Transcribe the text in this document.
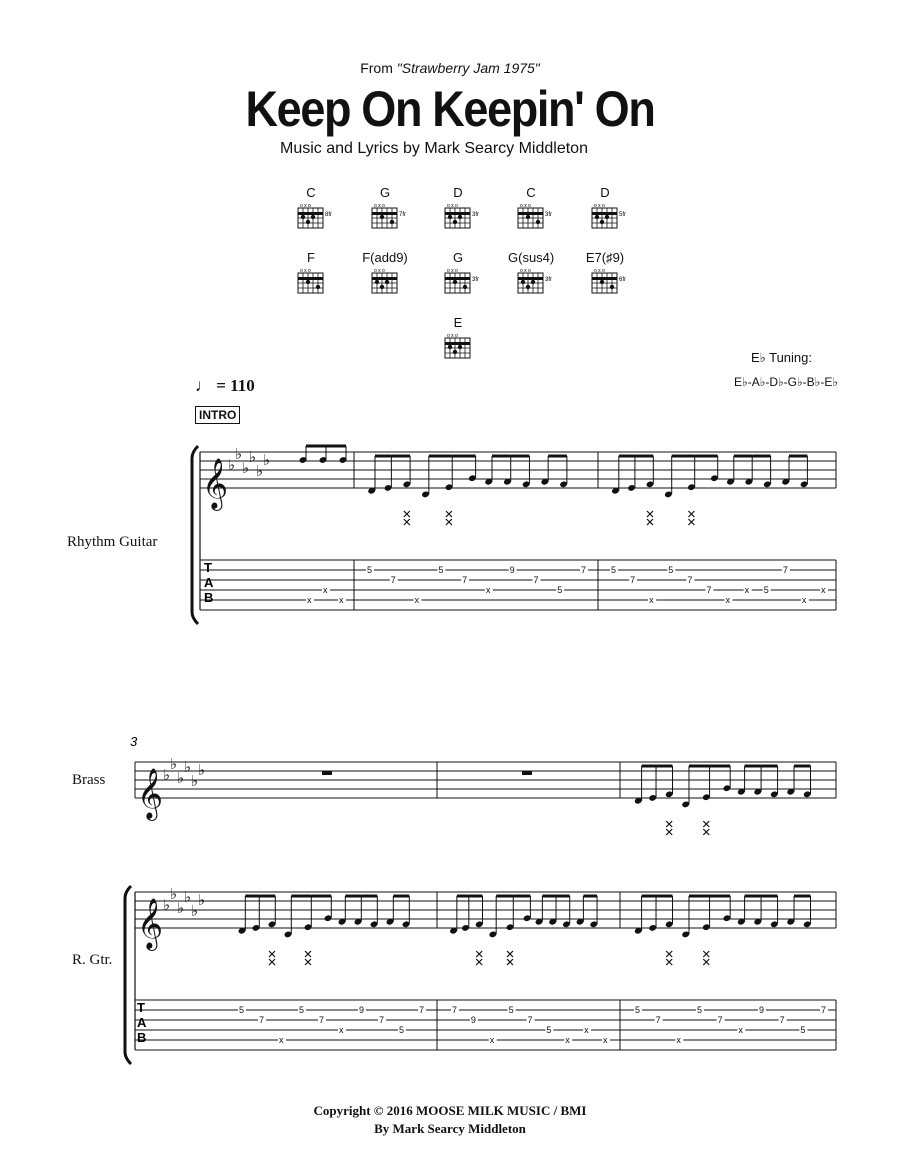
From "Strawberry Jam 1975"
Keep On Keepin' On
Music and Lyrics by Mark Searcy Middleton
C
o x o
8fr
G
o x o
7fr
D
o x o
3fr
C
o x o
3fr
D
o x o
5fr
F
o x o
F(add9)
o x o
G
o x o
3fr
G(sus4)
o x o
3fr
E7(♯9)
o x o
6fr
E
o x o
E♭ Tuning:
E♭-A♭-D♭-G♭-B♭-E♭
♩ = 110
INTRO
Rhythm Guitar
Brass
R. Gtr.
𝄞 ♭
♭
♭
♭
♭
♭
x
x
x
5
7
x
5
7
x
9
7
5
7	5
7
x
5
7
7
x
x 5
7
x
x
𝄞 ♭
♭
♭
♭
♭
♭
𝄞 ♭
♭
♭
♭
♭
♭
5
7
x
5
7
x
9
7
5
7	7
9
x
5
7
5
x
x
x
5
7
x
5
7
x
9
7
5
7
T
A
B
T
A
B
3
Copyright © 2016 MOOSE MILK MUSIC / BMI
By Mark Searcy Middleton
